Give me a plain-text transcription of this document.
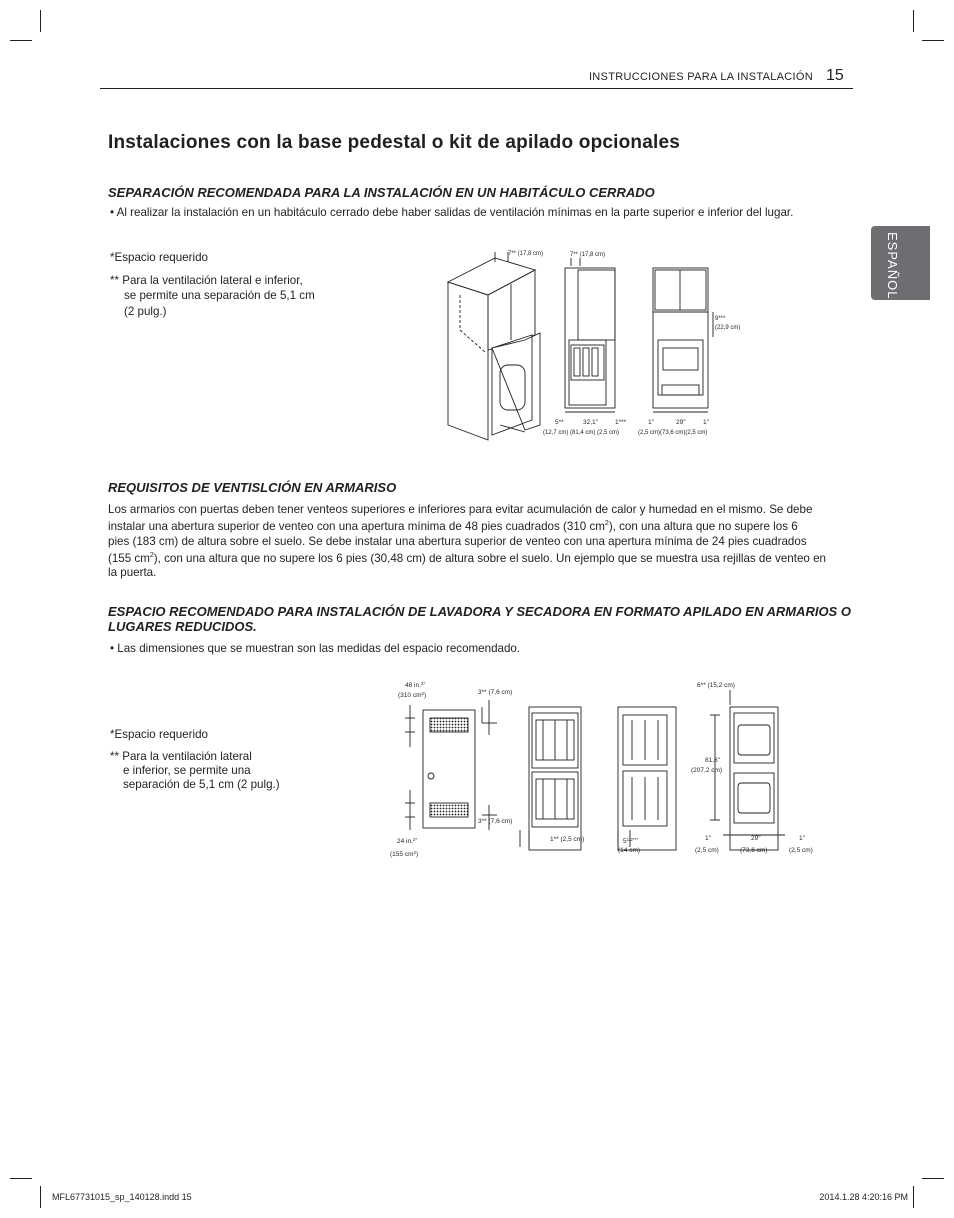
INSTRUCCIONES PARA LA INSTALACIÓN 15
ESPAÑOL
Instalaciones con la base pedestal o kit de apilado opcionales
SEPARACIÓN RECOMENDADA PARA LA INSTALACIÓN EN UN HABITÁCULO CERRADO
• Al realizar la instalación en un habitáculo cerrado debe haber salidas de ventilación mínimas en la parte superior e inferior del lugar.
*Espacio requerido
** Para la ventilación lateral e inferior,
se permite una separación de 5,1 cm
(2 pulg.)
7** (17,8 cm)	7** (17,8 cm)
9***
(22,9 cm)
5**	32,1"	1***	1"	29"	1"
(12,7 cm) (81,4 cm) (2,5 cm)	(2,5 cm)(73,6 cm)(2,5 cm)
REQUISITOS DE VENTISLCIÓN EN ARMARISO
Los armarios con puertas deben tener venteos superiores e inferiores para evitar acumulación de calor y humedad en el mismo. Se debe
instalar una abertura superior de venteo con una apertura mínima de 48 pies cuadrados (310 $cm^2$), con una altura que no supere los 6
pies (183 cm) de altura sobre el suelo. Se debe instalar una abertura superior de venteo con una apertura mínima de 24 pies cuadrados
(155 $cm^2$), con una altura que no supere los 6 pies (30,48 cm) de altura sobre el suelo. Un ejemplo que se muestra usa rejillas de venteo en
la puerta.
ESPACIO RECOMENDADO PARA INSTALACIÓN DE LAVADORA Y SECADORA EN FORMATO APILADO EN ARMARIOS O
LUGARES REDUCIDOS.
• Las dimensiones que se muestran son las medidas del espacio recomendado.
*Espacio requerido
** Para la ventilación lateral
e inferior, se permite una
separación de 5,1 cm (2 pulg.)
48 in.$^{2*}$
(310 $cm^2$)
24 in.$^{2*}$
(155 $cm^2$)
3** (7,6 cm)
3** (7,6 cm)
1** (2,5 cm)	$5^{1/2***}$
(14 cm)
6** (15,2 cm)
81,6"
(207,2 cm)
1"
(2,5 cm)
29"
(73,6 cm)
1"
(2,5 cm)
MFL67731015_sp_140128.indd 15	2014.1.28 4:20:16 PM
